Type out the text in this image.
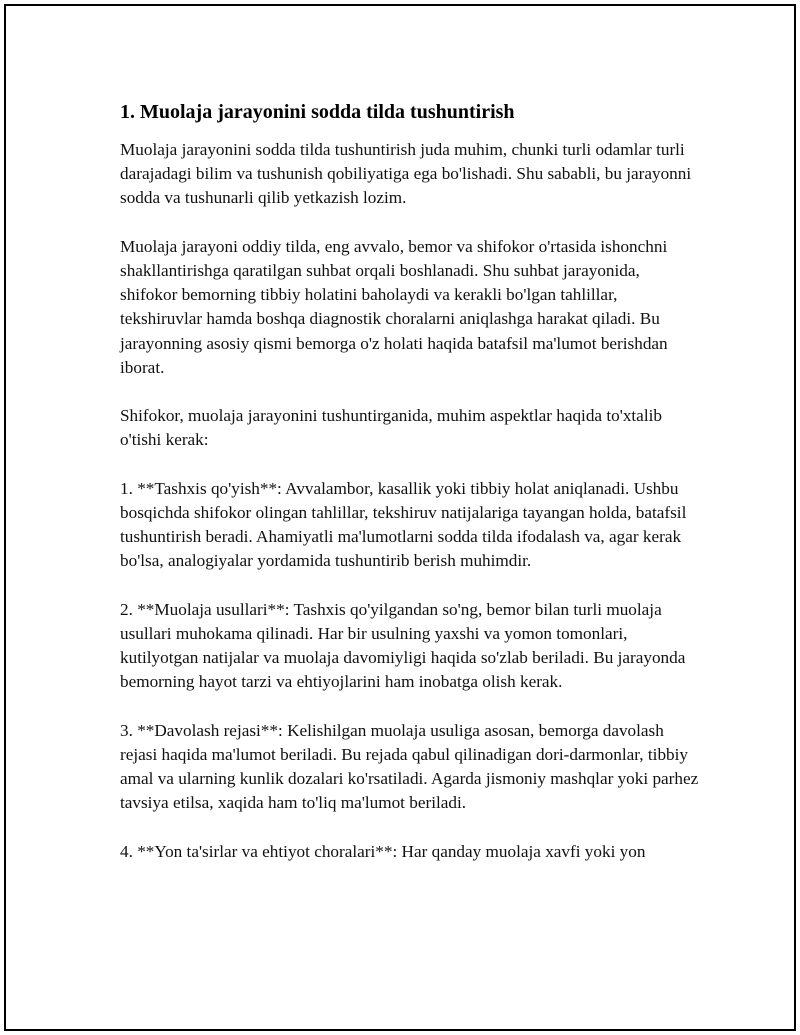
1. Muolaja jarayonini sodda tilda tushuntirish

Muolaja jarayonini sodda tilda tushuntirish juda muhim, chunki turli odamlar turli darajadagi bilim va tushunish qobiliyatiga ega bo'lishadi. Shu sababli, bu jarayonni sodda va tushunarli qilib yetkazish lozim.

Muolaja jarayoni oddiy tilda, eng avvalo, bemor va shifokor o'rtasida ishonchni shakllantirishga qaratilgan suhbat orqali boshlanadi. Shu suhbat jarayonida, shifokor bemorning tibbiy holatini baholaydi va kerakli bo'lgan tahlillar, tekshiruvlar hamda boshqa diagnostik choralarni aniqlashga harakat qiladi. Bu jarayonning asosiy qismi bemorga o'z holati haqida batafsil ma'lumot berishdan iborat.

Shifokor, muolaja jarayonini tushuntirganida, muhim aspektlar haqida to'xtalib o'tishi kerak:

1. **Tashxis qo'yish**: Avvalambor, kasallik yoki tibbiy holat aniqlanadi. Ushbu bosqichda shifokor olingan tahlillar, tekshiruv natijalariga tayangan holda, batafsil tushuntirish beradi. Ahamiyatli ma'lumotlarni sodda tilda ifodalash va, agar kerak bo'lsa, analogiyalar yordamida tushuntirib berish muhimdir.

2. **Muolaja usullari**: Tashxis qo'yilgandan so'ng, bemor bilan turli muolaja usullari muhokama qilinadi. Har bir usulning yaxshi va yomon tomonlari, kutilyotgan natijalar va muolaja davomiyligi haqida so'zlab beriladi. Bu jarayonda bemorning hayot tarzi va ehtiyojlarini ham inobatga olish kerak.

3. **Davolash rejasi**: Kelishilgan muolaja usuliga asosan, bemorga davolash rejasi haqida ma'lumot beriladi. Bu rejada qabul qilinadigan dori-darmonlar, tibbiy amal va ularning kunlik dozalari ko'rsatiladi. Agarda jismoniy mashqlar yoki parhez tavsiya etilsa, xaqida ham to'liq ma'lumot beriladi.

4. **Yon ta'sirlar va ehtiyot choralari**: Har qanday muolaja xavfi yoki yon
